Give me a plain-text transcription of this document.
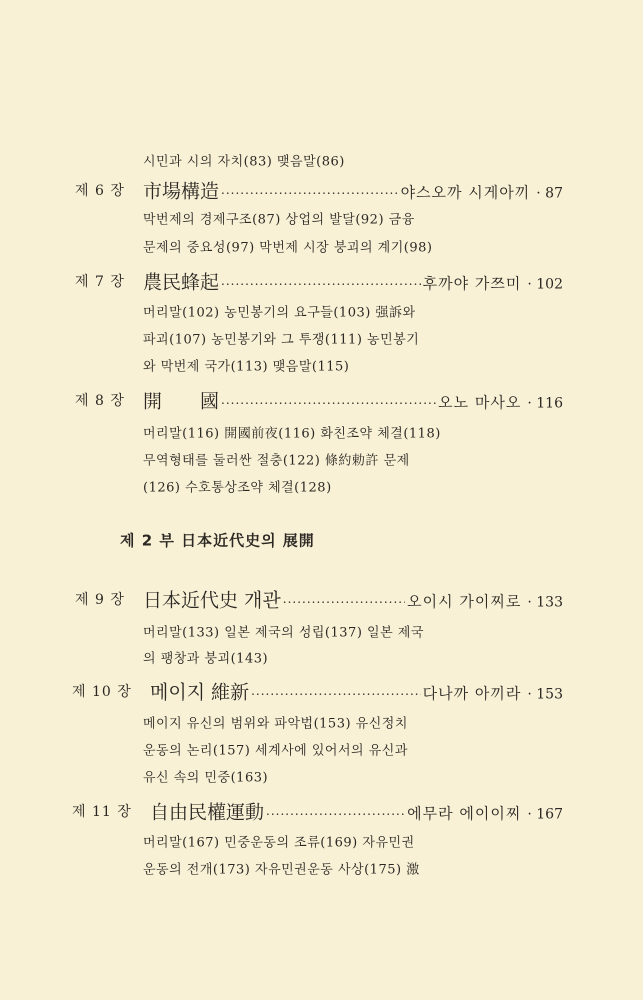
시민과 시의 자치(83) 맺음말(86)
제 6 장 市場構造 ·····	야스오까 시게아끼 · 87
막번제의 경제구조(87) 상업의 발달(92) 금융
문제의 중요성(97) 막번제 시장 붕괴의 계기(98)
제 7 장 農民蜂起 ·····	후까야 가쯔미 · 102
머리말(102) 농민봉기의 요구들(103) 强訴와
파괴(107) 농민봉기와 그 투쟁(111) 농민봉기
와 막번제 국가(113) 맺음말(115)
제 8 장 開　　國 ·····	오노 마사오 · 116
머리말(116) 開國前夜(116) 화친조약 체결(118)
무역형태를 둘러싼 절충(122) 條約勅許 문제
(126) 수호통상조약 체결(128)
제 2 부 日本近代史의 展開
제 9 장 日本近代史 개관 ·····	오이시 가이찌로 · 133
머리말(133) 일본 제국의 성립(137) 일본 제국
의 팽창과 붕괴(143)
제 10 장 메이지 維新 ·····	다나까 아끼라 · 153
메이지 유신의 범위와 파악법(153) 유신정치
운동의 논리(157) 세계사에 있어서의 유신과
유신 속의 민중(163)
제 11 장 自由民權運動 ·····	에무라 에이이찌 · 167
머리말(167) 민중운동의 조류(169) 자유민권
운동의 전개(173) 자유민권운동 사상(175) 激
